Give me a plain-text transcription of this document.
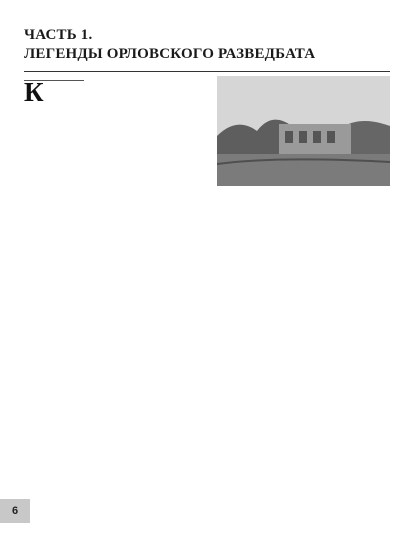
ЧАСТЬ 1.
ЛЕГЕНДЫ ОРЛОВСКОГО РАЗВЕДБАТА
К

6
